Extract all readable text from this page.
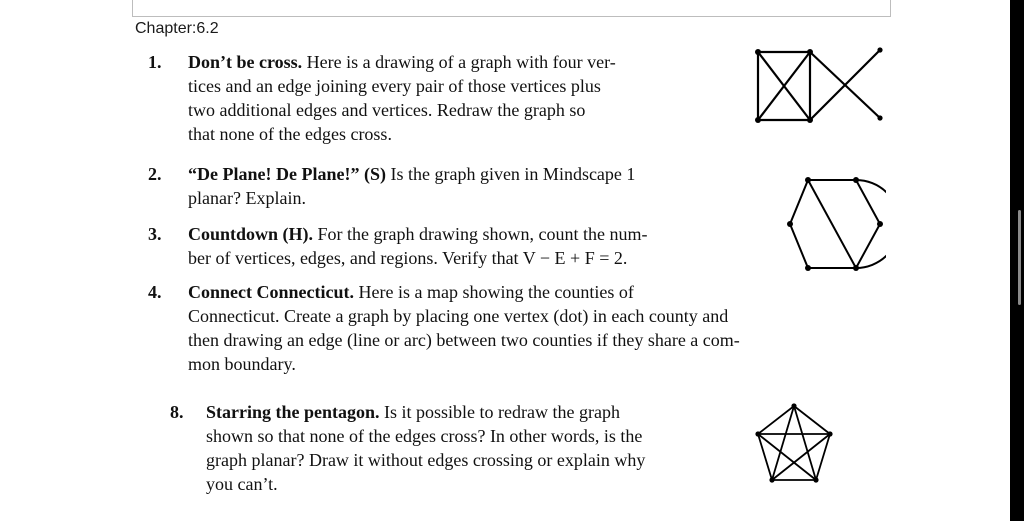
Chapter:6.2
1. Don’t be cross. Here is a drawing of a graph with four ver-
tices and an edge joining every pair of those vertices plus
two additional edges and vertices. Redraw the graph so
that none of the edges cross.
2. “De Plane! De Plane!” (S) Is the graph given in Mindscape 1
planar? Explain.
3. Countdown (H). For the graph drawing shown, count the num-
ber of vertices, edges, and regions. Verify that V − E + F = 2.
4. Connect Connecticut. Here is a map showing the counties of
Connecticut. Create a graph by placing one vertex (dot) in each county and
then drawing an edge (line or arc) between two counties if they share a com-
mon boundary.
8. Starring the pentagon. Is it possible to redraw the graph
shown so that none of the edges cross? In other words, is the
graph planar? Draw it without edges crossing or explain why
you can’t.
